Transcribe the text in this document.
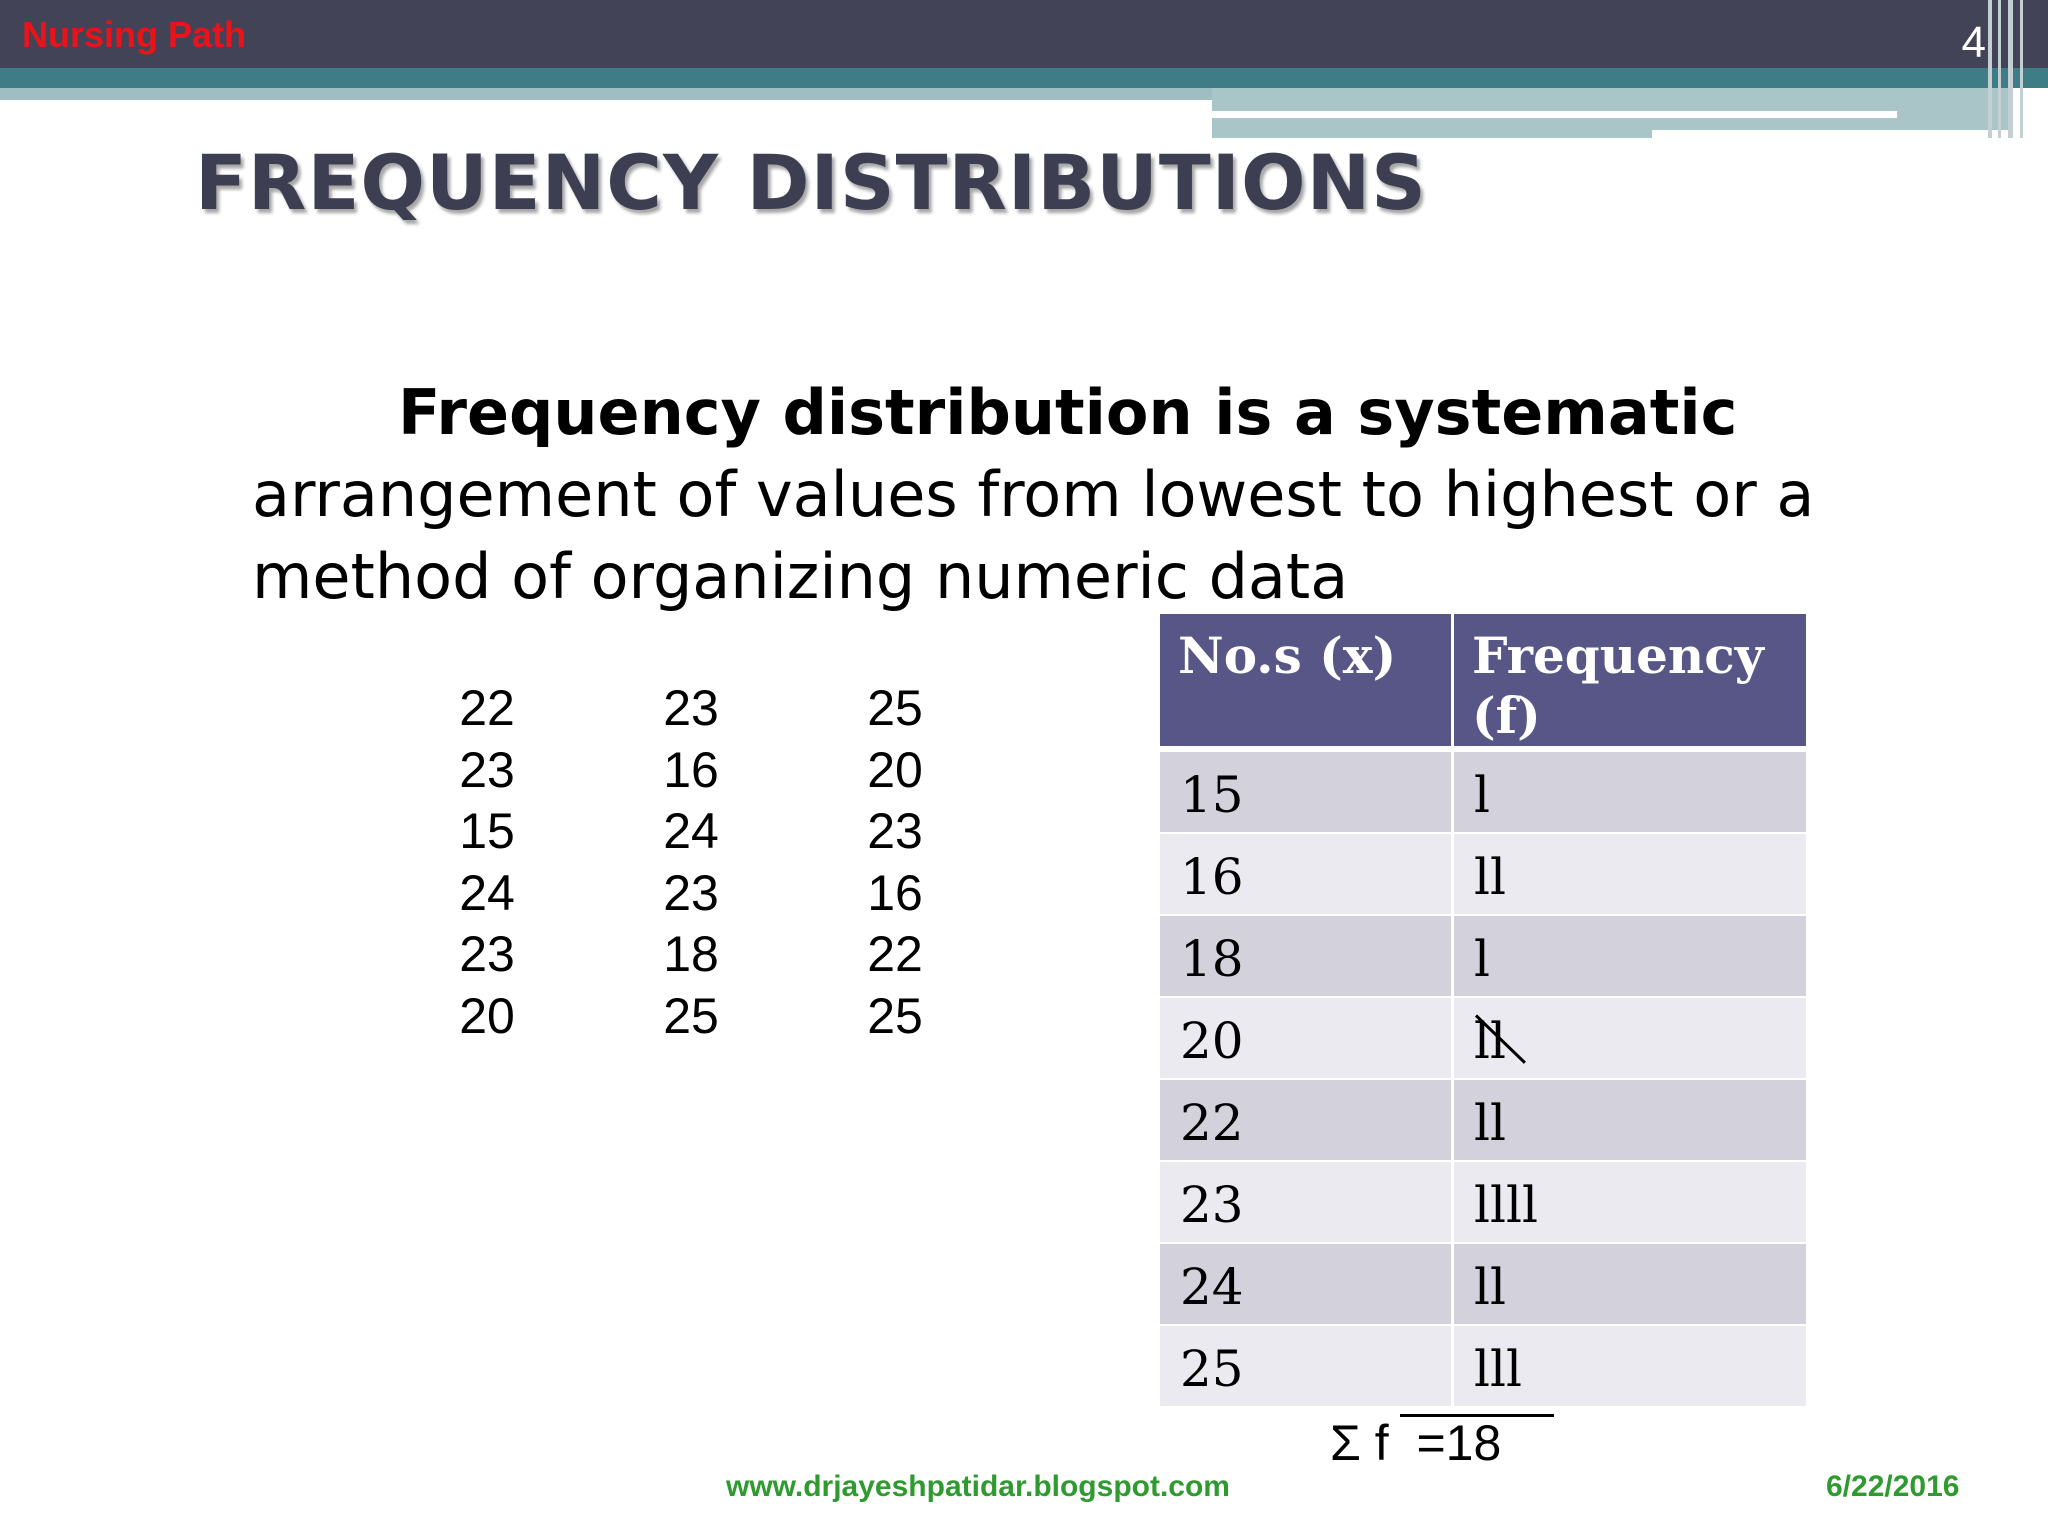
Nursing Path	4
FREQUENCY DISTRIBUTIONS
Frequency distribution is a systematic
arrangement of values from lowest to highest or a
method of organizing numeric data
22	23	25
23	16	20
15	24	23
24	23	16
23	18	22
20	25	25
No.s (x)	Frequency (f)
15	l
16	ll
18	l
20	ll

22	ll
23	llll
24	ll
25	lll
Σ f  =18
www.drjayeshpatidar.blogspot.com	6/22/2016
